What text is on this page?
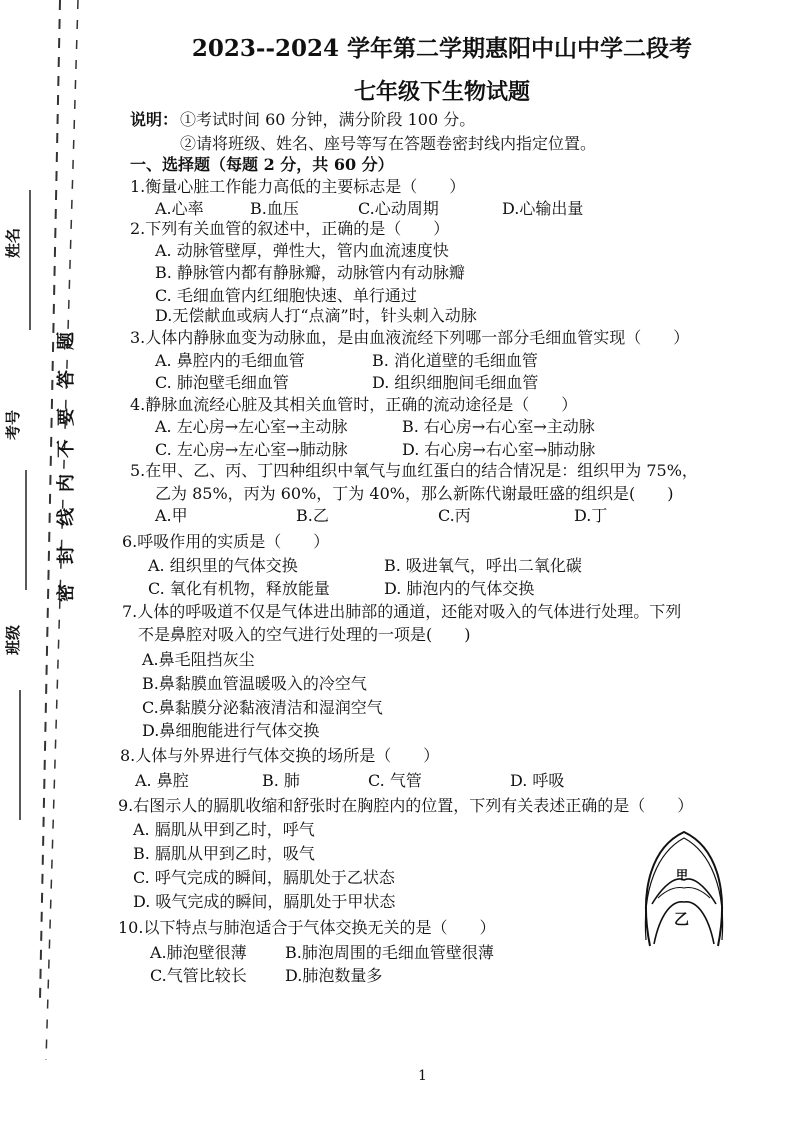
姓名
考号
班级
题
答
要
不
内
线
封
密
2023--2024 学年第二学期惠阳中山中学二段考
七年级下生物试题
说明： ①考试时间 60 分钟，满分阶段 100 分。
②请将班级、姓名、座号等写在答题卷密封线内指定位置。
一、选择题（每题 2 分，共 60 分）
1.衡量心脏工作能力高低的主要标志是（　　）
A.心率	B.血压	C.心动周期	D.心输出量
2.下列有关血管的叙述中，正确的是（　　）
A. 动脉管壁厚，弹性大，管内血流速度快
B. 静脉管内都有静脉瓣，动脉管内有动脉瓣
C. 毛细血管内红细胞快速、单行通过
D.无偿献血或病人打“点滴”时，针头刺入动脉
3.人体内静脉血变为动脉血，是由血液流经下列哪一部分毛细血管实现（　　）
A. 鼻腔内的毛细血管	B. 消化道壁的毛细血管
C. 肺泡壁毛细血管	D. 组织细胞间毛细血管
4.静脉血流经心脏及其相关血管时，正确的流动途径是（　　）
A. 左心房→左心室→主动脉	B. 右心房→右心室→主动脉
C. 左心房→左心室→肺动脉	D. 右心房→右心室→肺动脉
5.在甲、乙、丙、丁四种组织中氧气与血红蛋白的结合情况是：组织甲为 75%，
乙为 85%，丙为 60%，丁为 40%，那么新陈代谢最旺盛的组织是(　　)
A.甲	B.乙	C.丙	D.丁
6.呼吸作用的实质是（　　）
A. 组织里的气体交换	B. 吸进氧气，呼出二氧化碳
C. 氧化有机物，释放能量	D. 肺泡内的气体交换
7.人体的呼吸道不仅是气体进出肺部的通道，还能对吸入的气体进行处理。下列
不是鼻腔对吸入的空气进行处理的一项是(　　)
A.鼻毛阻挡灰尘
B.鼻黏膜血管温暖吸入的冷空气
C.鼻黏膜分泌黏液清洁和湿润空气
D.鼻细胞能进行气体交换
8.人体与外界进行气体交换的场所是（　　）
A. 鼻腔	B. 肺	C. 气管	D. 呼吸
9.右图示人的膈肌收缩和舒张时在胸腔内的位置，下列有关表述正确的是（　　）
A. 膈肌从甲到乙时，呼气
B. 膈肌从甲到乙时，吸气
C. 呼气完成的瞬间，膈肌处于乙状态
D. 吸气完成的瞬间，膈肌处于甲状态
10.以下特点与肺泡适合于气体交换无关的是（　　）
A.肺泡壁很薄 B.肺泡周围的毛细血管壁很薄
C.气管比较长 D.肺泡数量多
甲
乙
1
